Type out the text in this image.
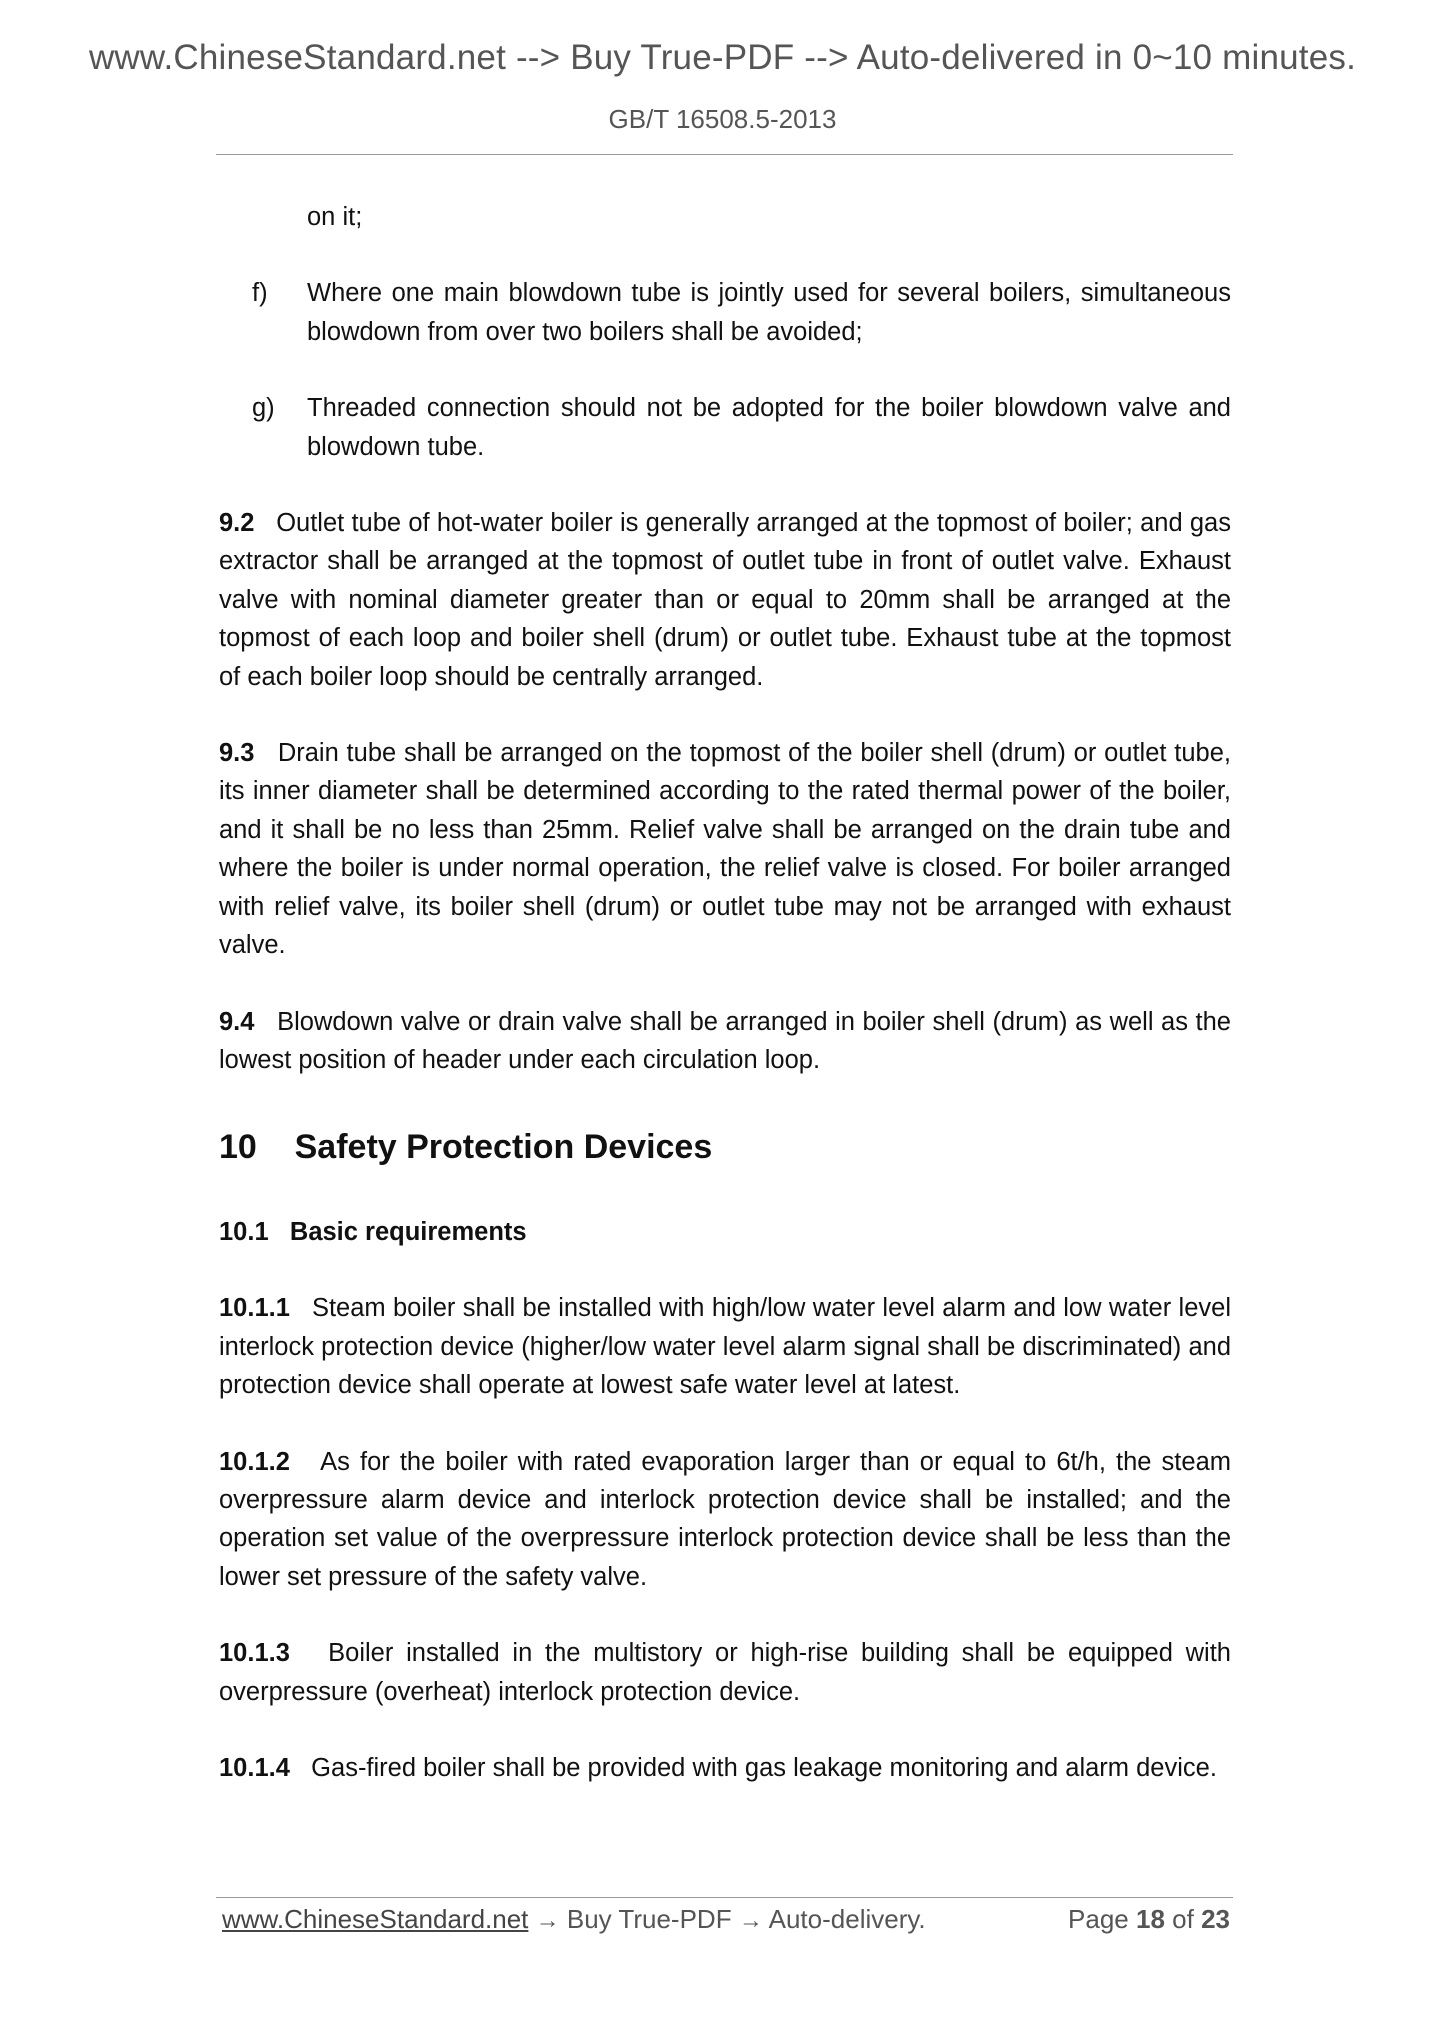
www.ChineseStandard.net --> Buy True-PDF --> Auto-delivered in 0~10 minutes.
GB/T 16508.5-2013

on it;

f) Where one main blowdown tube is jointly used for several boilers, simultaneous blowdown from over two boilers shall be avoided;

g) Threaded connection should not be adopted for the boiler blowdown valve and blowdown tube.

9.2 Outlet tube of hot-water boiler is generally arranged at the topmost of boiler; and gas extractor shall be arranged at the topmost of outlet tube in front of outlet valve. Exhaust valve with nominal diameter greater than or equal to 20mm shall be arranged at the topmost of each loop and boiler shell (drum) or outlet tube. Exhaust tube at the topmost of each boiler loop should be centrally arranged.

9.3 Drain tube shall be arranged on the topmost of the boiler shell (drum) or outlet tube, its inner diameter shall be determined according to the rated thermal power of the boiler, and it shall be no less than 25mm. Relief valve shall be arranged on the drain tube and where the boiler is under normal operation, the relief valve is closed. For boiler arranged with relief valve, its boiler shell (drum) or outlet tube may not be arranged with exhaust valve.

9.4 Blowdown valve or drain valve shall be arranged in boiler shell (drum) as well as the lowest position of header under each circulation loop.

10 Safety Protection Devices
10.1 Basic requirements

10.1.1 Steam boiler shall be installed with high/low water level alarm and low water level interlock protection device (higher/low water level alarm signal shall be discriminated) and protection device shall operate at lowest safe water level at latest.

10.1.2 As for the boiler with rated evaporation larger than or equal to 6t/h, the steam overpressure alarm device and interlock protection device shall be installed; and the operation set value of the overpressure interlock protection device shall be less than the lower set pressure of the safety valve.

10.1.3 Boiler installed in the multistory or high-rise building shall be equipped with overpressure (overheat) interlock protection device.

10.1.4 Gas-fired boiler shall be provided with gas leakage monitoring and alarm device.

www.ChineseStandard.net → Buy True-PDF → Auto-delivery.	Page 18 of 23
